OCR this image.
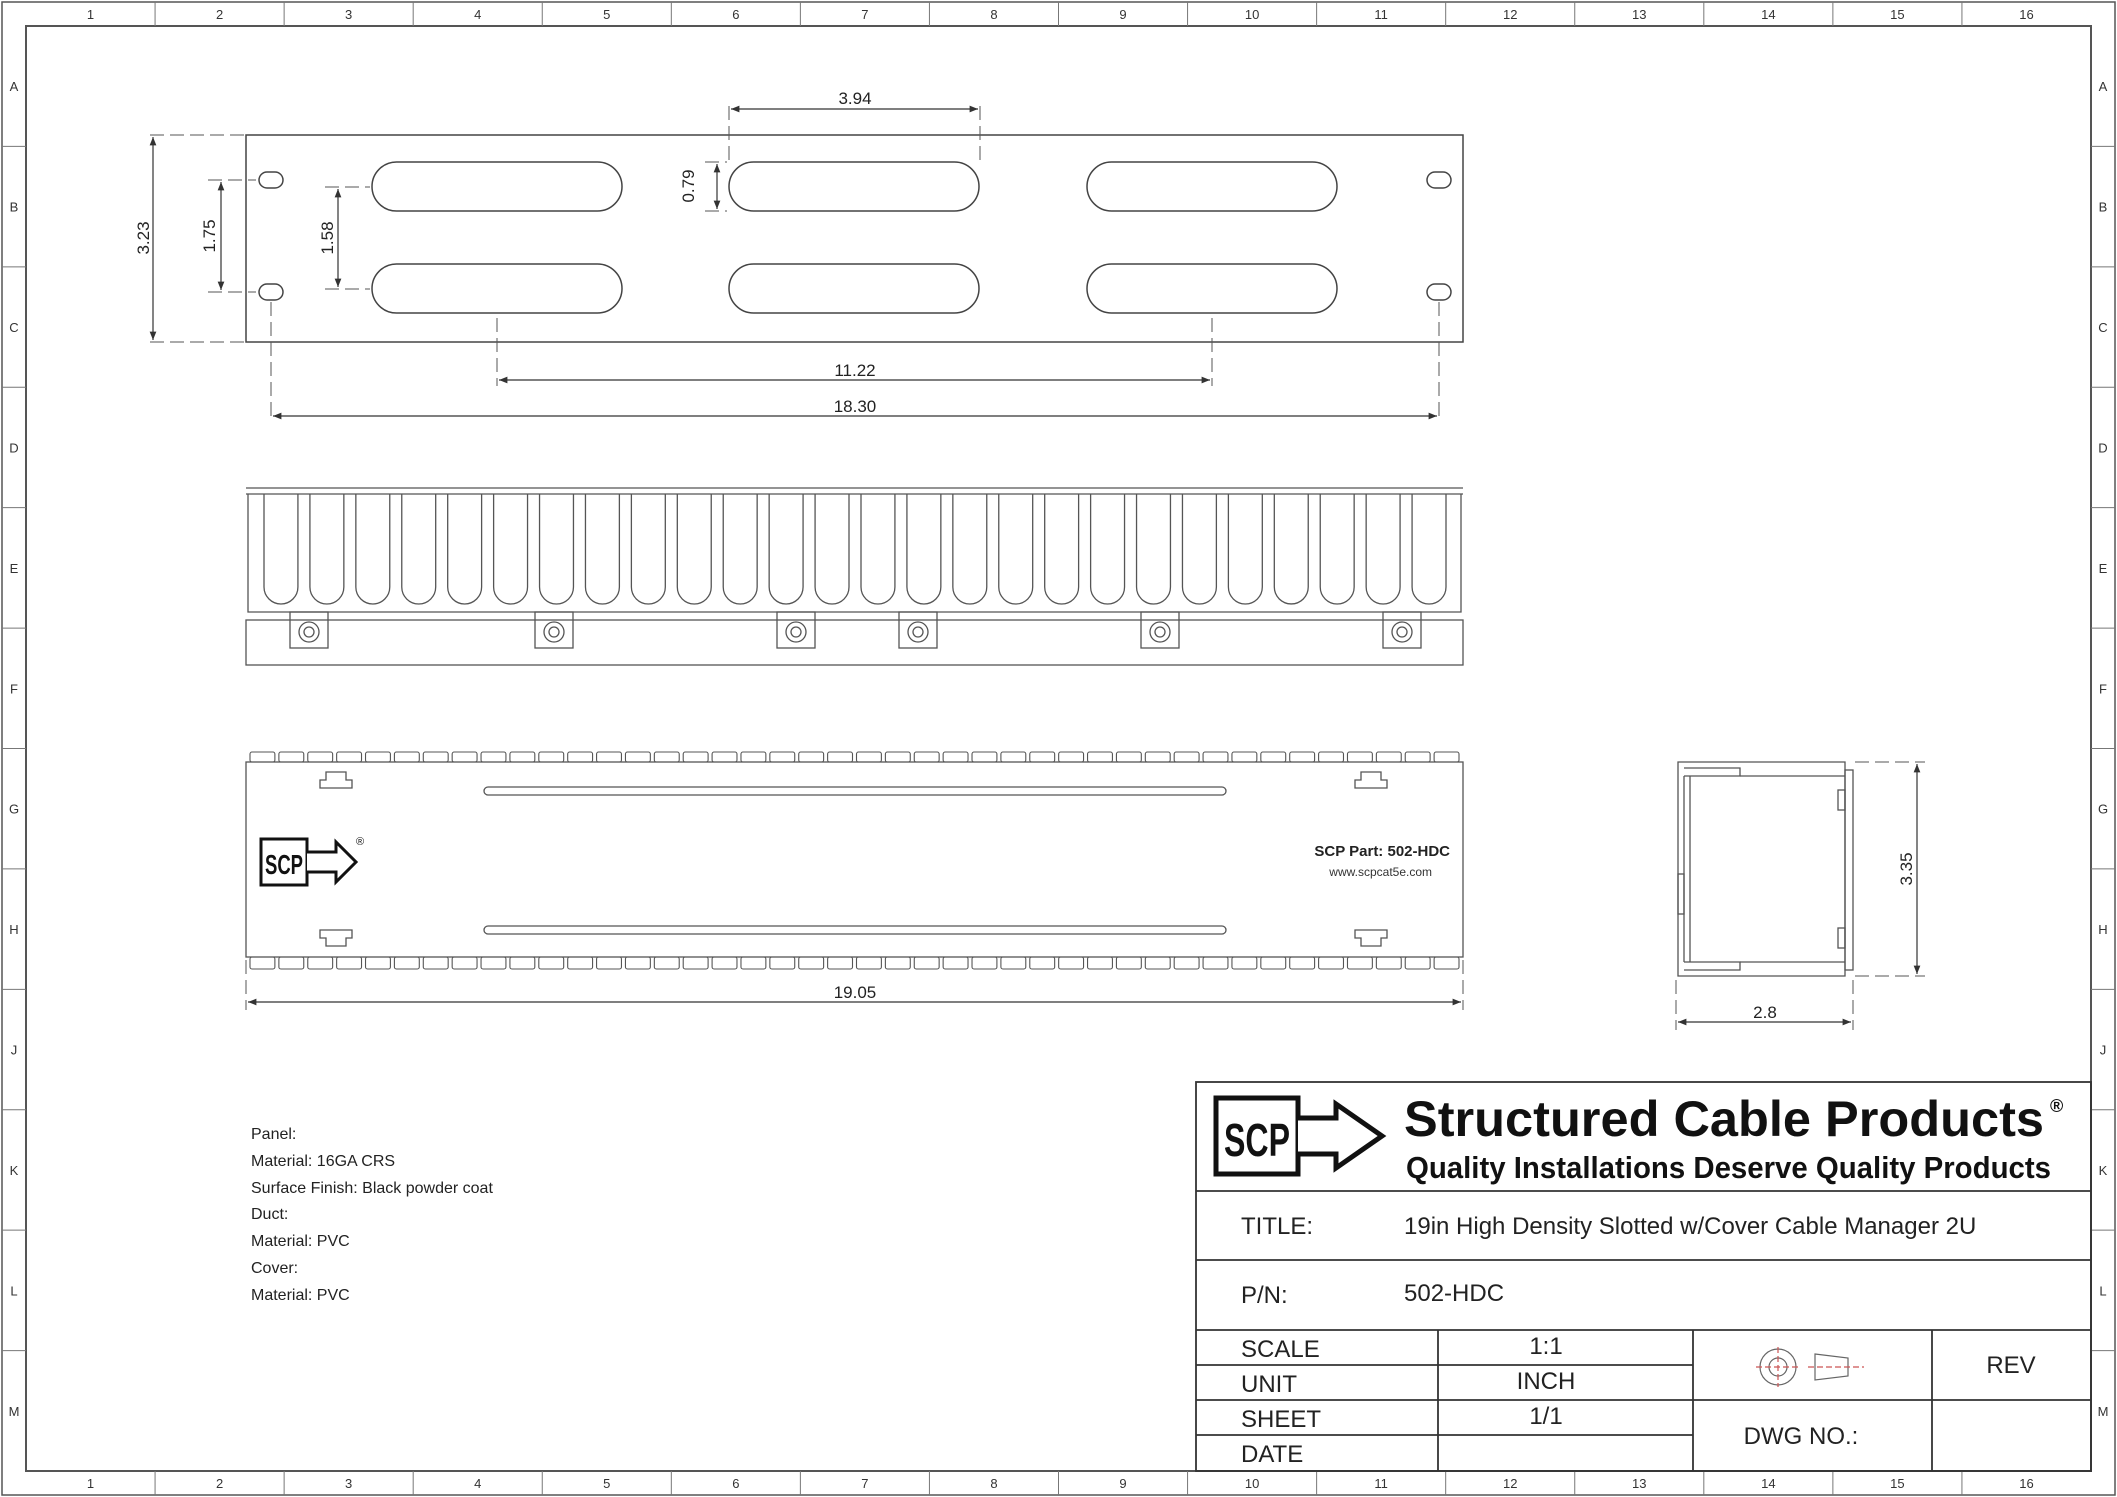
1
1
2
2
3
3
4
4
5
5
6
6
7
7
8
8
9
9
10
10
11
11
12
12
13
13
14
14
15
15
16
16
A	A
B	B
C	C
D	D
E	E
F	F
G	G
H	H
J	J
K	K
L	L
M	M
3.23	1.75	1.58
0.79
3.94
11.22
18.30
SCP
®
SCP Part: 502-HDC
www.scpcat5e.com
19.05
3.35
2.8
Panel:
Material: 16GA CRS
Surface Finish: Black powder coat
Duct:
Material: PVC
Cover:
Material: PVC
SCP Structured Cable Products ®
Quality Installations Deserve Quality Products
TITLE:	19in High Density Slotted w/Cover Cable Manager 2U
P/N:	502-HDC
SCALE	1:1
UNIT	INCH
SHEET	1/1
DATE
REV
DWG NO.:
